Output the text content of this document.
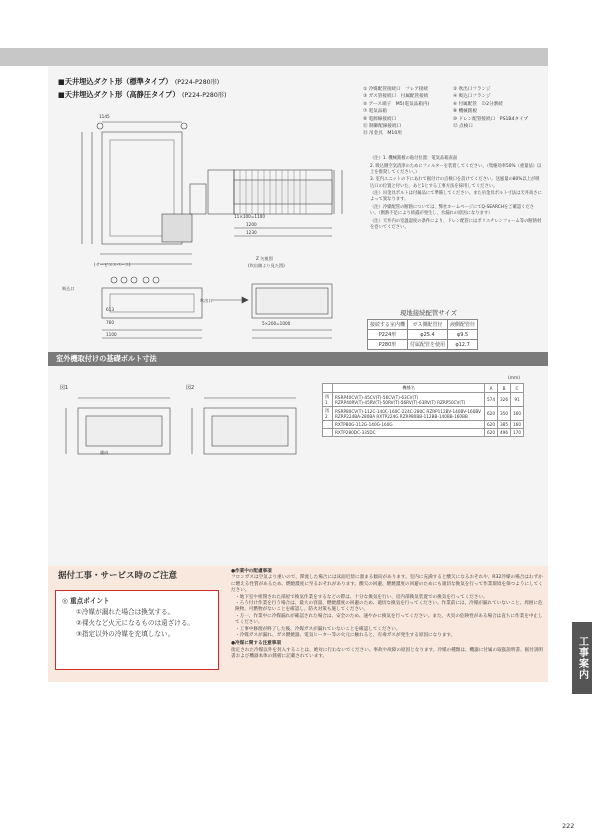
■天井埋込ダクト形（標準タイプ） (P224-P280形)
■天井埋込ダクト形（高静圧タイプ） (P224-P280形)
1145
11×100=1100
1200
1230
(サービススペース)
613
760
1100
5×200=1000
Z 矢視図
(吹出側より見た図)
吸込口
吹出口
① 冷媒配管接続口　フレア接続	② 吹出口フランジ
③ ガス管接続口　付属配管接続	④ 吸込口フランジ
⑤ アース端子　M5(電気品箱内)	⑥ 付属配管　Ｄ2分割続
⑦ 電気品箱	⑧ 機械銘板
⑨ 電源線接続口	⑩ ドレン配管接続口　PS1B4タイプ
⑪ 制御配線接続口	⑫ 点検口
⑬ 吊金具　M10用

（注）1. 機械銘板の貼付位置：電気品箱表面

2. 吸込側空気清浄のためにフィルターを装着してください。（集塵効率50%（重量法）以上を推奨してください。）

3. 室内ユニットの下にあれて据付けの点検口を設けてください。送風量の80%以上が吸込口の位置と付いた、あと1とする工事方法を採用してください。

（注）吊金具ボルトは付属品にて準備してください。また吊金具ボルト寸法は天井高さによって異なります。

（注）冷媒配管の断熱については、弊社ホームページにてQ-SEARCHをご確認ください。（断熱不足により結露が発生し、水漏れの原因になります）

（注）天井内の室温湿度の条件により、ドレン配管にはポリエチレンフォーム等の断熱材を巻いてください。

現地接続配管サイズ
接続する室内機	ガス側配管径	液側配管径
P224形	φ25.4	φ9.5
P280形	付属配管を使用	φ12.7
室外機取付けの基礎ボルト寸法
図1	図2
風向
(mm)
	機種名	A	B	C
図1	RSRP40CV(T)-45CV(T)-56CV(T)-63CV(T) RZRP40RV(T)-45RV(T)-50RV(T)-56RV(T)-63RV(T) RZRP50CV(T)	574	326	91
図2	RSRP80CV(T)-112C-140C-160C-224C-280C RZRP112BV-140BV-160BV RZRP224BA-280BA RXTP224G RZRP80BB-112BB-140BB-160BB	620	350	160
	RXTP80G-112G-140G-160G	620	385	160
	RXTP280DC-335DC	620	496	170
工事案内
据付工事・サービス時のご注意
◎ 重点ポイント
①冷媒が漏れた場合は換気する。
②裸火など火元になるものは遠ざける。
③指定以外の冷媒を充填しない。
●作業中の配慮事項
フロンガスは空気より重いので、滞流した場合には床面近傍に溜まる傾向があります。室内に充満すると酸欠になるおそれや、R32冷媒の場合はわずかに燃える性質があるため、燃焼濃度に至るおそれがあります。酸欠の回避、燃焼濃度の回避のためにも適切な換気を行って作業環境を保つようにしてください。
・地下室や密閉された部屋で換気作業をするなどの際は、十分な換気を行い、房内部換気装置での換気を行ってください。
・ろう付け作業を行う場合は、最大の容量、燃焼濃度の回避のため、適切な換気を行ってください。作業前には、冷媒が漏れていないこと、周囲に危険物、可燃物がないことを確認し、防火対策も施してください。
・万一、作業中に冷媒漏れが確認された場合は、安全のため、速やかに換気を行ってください。また、火災の危険性がある場合は直ちに作業を中止してください。
・工事中修理が終了した後、冷媒ガスが漏れていないことを確認してください。
・冷媒ガスが漏れ、ガス燃焼器、電気ヒーター等の火元に触れると、有毒ガスが発生する原因になります。
●冷媒に関する注意事項
指定された冷媒以外を封入することは、絶対に行わないでください。事故や故障の原因となります。冷媒の種類は、機器に付属の取扱説明書、据付説明書および機器本体の銘板に記載されています。
222
